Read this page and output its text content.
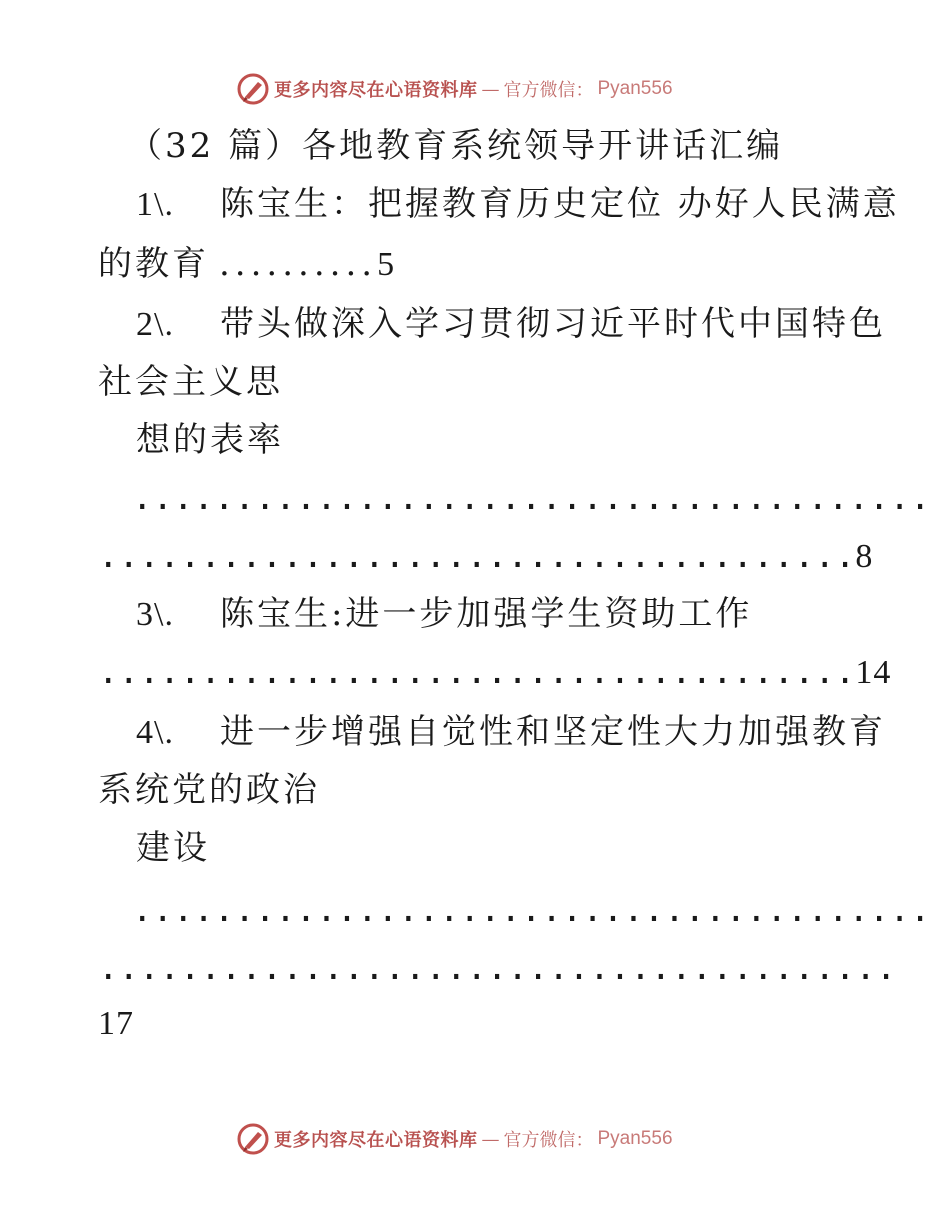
更多内容尽在心语资料库 — 官方微信： Pyan556
（32 篇）各地教育系统领导开讲话汇编
1\. 陈宝生：把握教育历史定位 办好人民满意
的教育 ..........5
2\. 带头做深入学习贯彻习近平时代中国特色
社会主义思
想的表率
.......................................
.....................................8
3\. 陈宝生:进一步加强学生资助工作
.....................................14
4\. 进一步增强自觉性和坚定性大力加强教育
系统党的政治
建设
.......................................
.......................................
17
更多内容尽在心语资料库 — 官方微信： Pyan556
